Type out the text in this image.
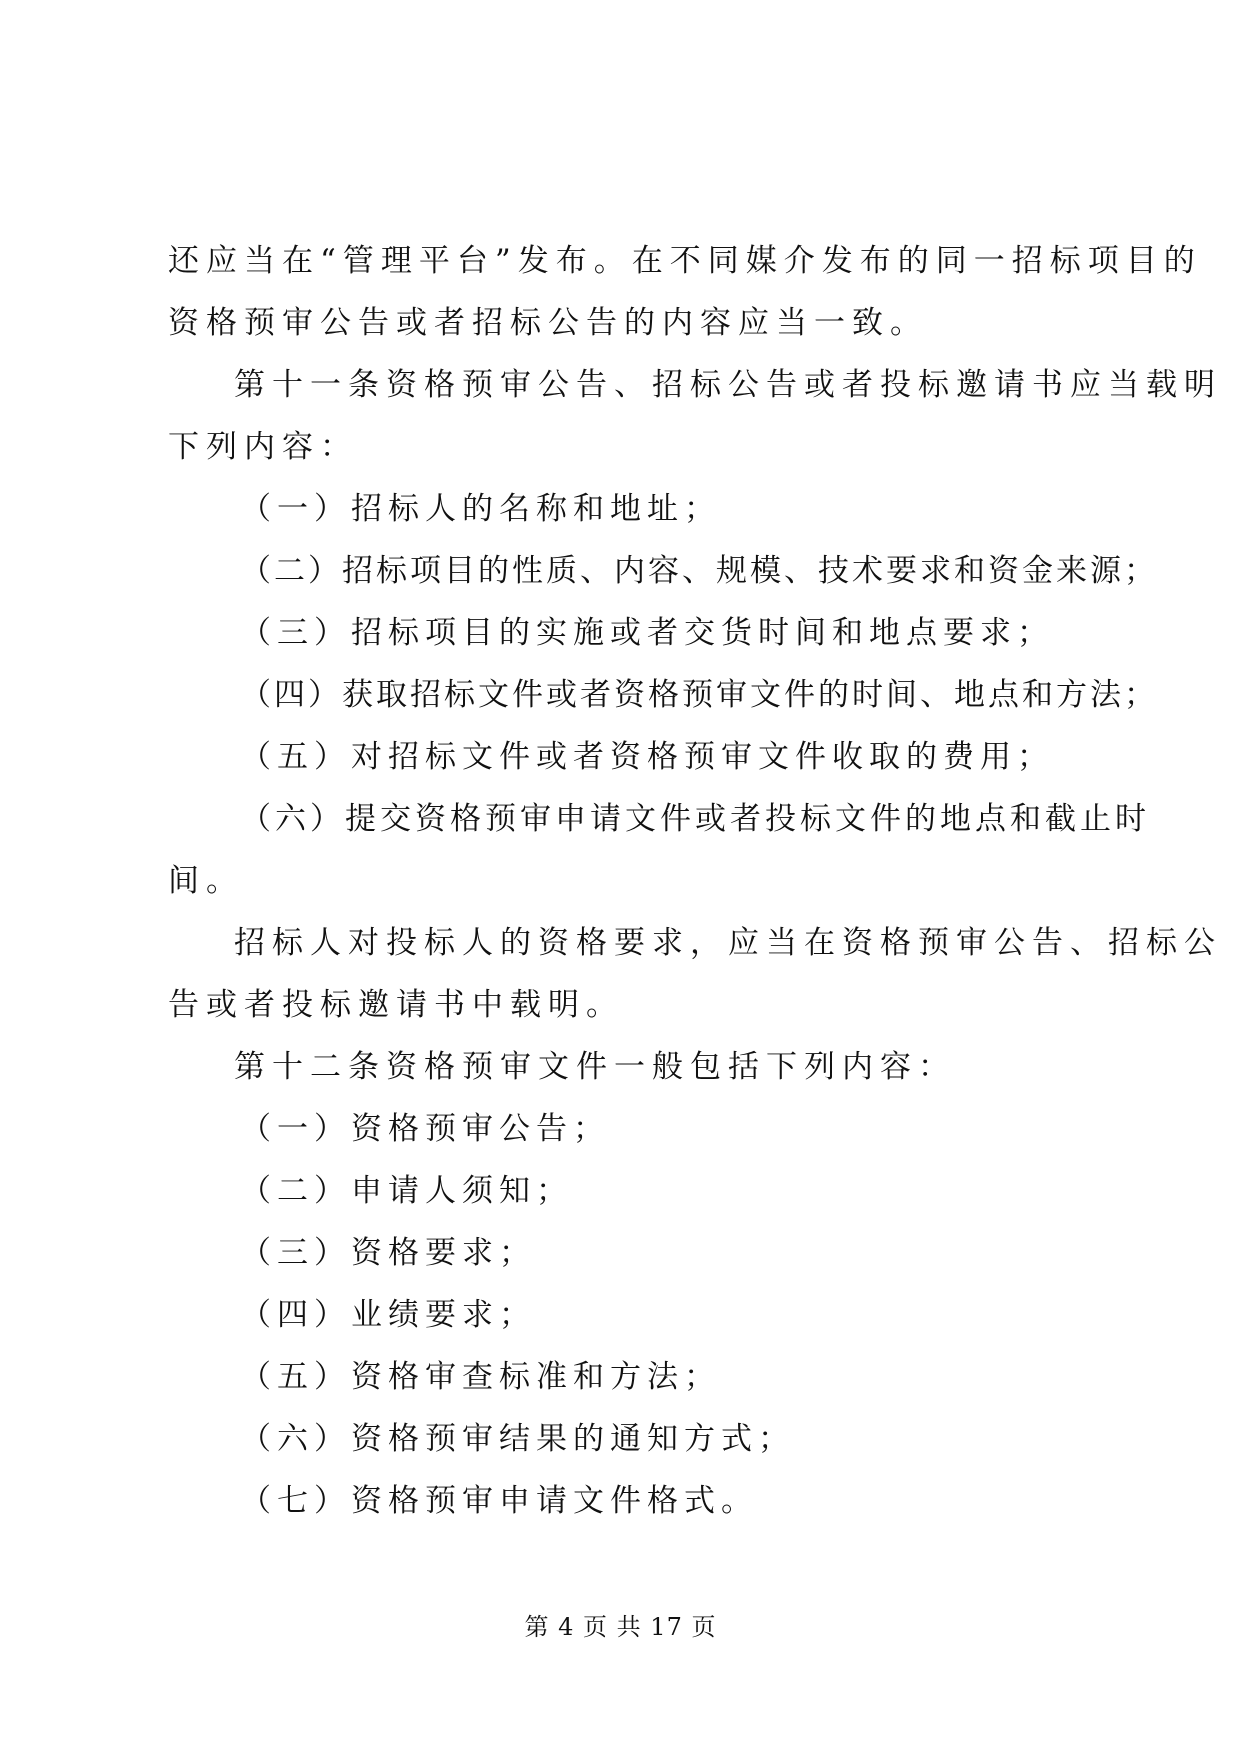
还应当在“管理平台”发布。在不同媒介发布的同一招标项目的
资格预审公告或者招标公告的内容应当一致。
第十一条资格预审公告、招标公告或者投标邀请书应当载明
下列内容：
（一）招标人的名称和地址；
（二）招标项目的性质、内容、规模、技术要求和资金来源；
（三）招标项目的实施或者交货时间和地点要求；
（四）获取招标文件或者资格预审文件的时间、地点和方法；
（五）对招标文件或者资格预审文件收取的费用；
（六）提交资格预审申请文件或者投标文件的地点和截止时
间。
招标人对投标人的资格要求，应当在资格预审公告、招标公
告或者投标邀请书中载明。
第十二条资格预审文件一般包括下列内容：
（一）资格预审公告；
（二）申请人须知；
（三）资格要求；
（四）业绩要求；
（五）资格审查标准和方法；
（六）资格预审结果的通知方式；
（七）资格预审申请文件格式。
第 4 页 共 17 页
